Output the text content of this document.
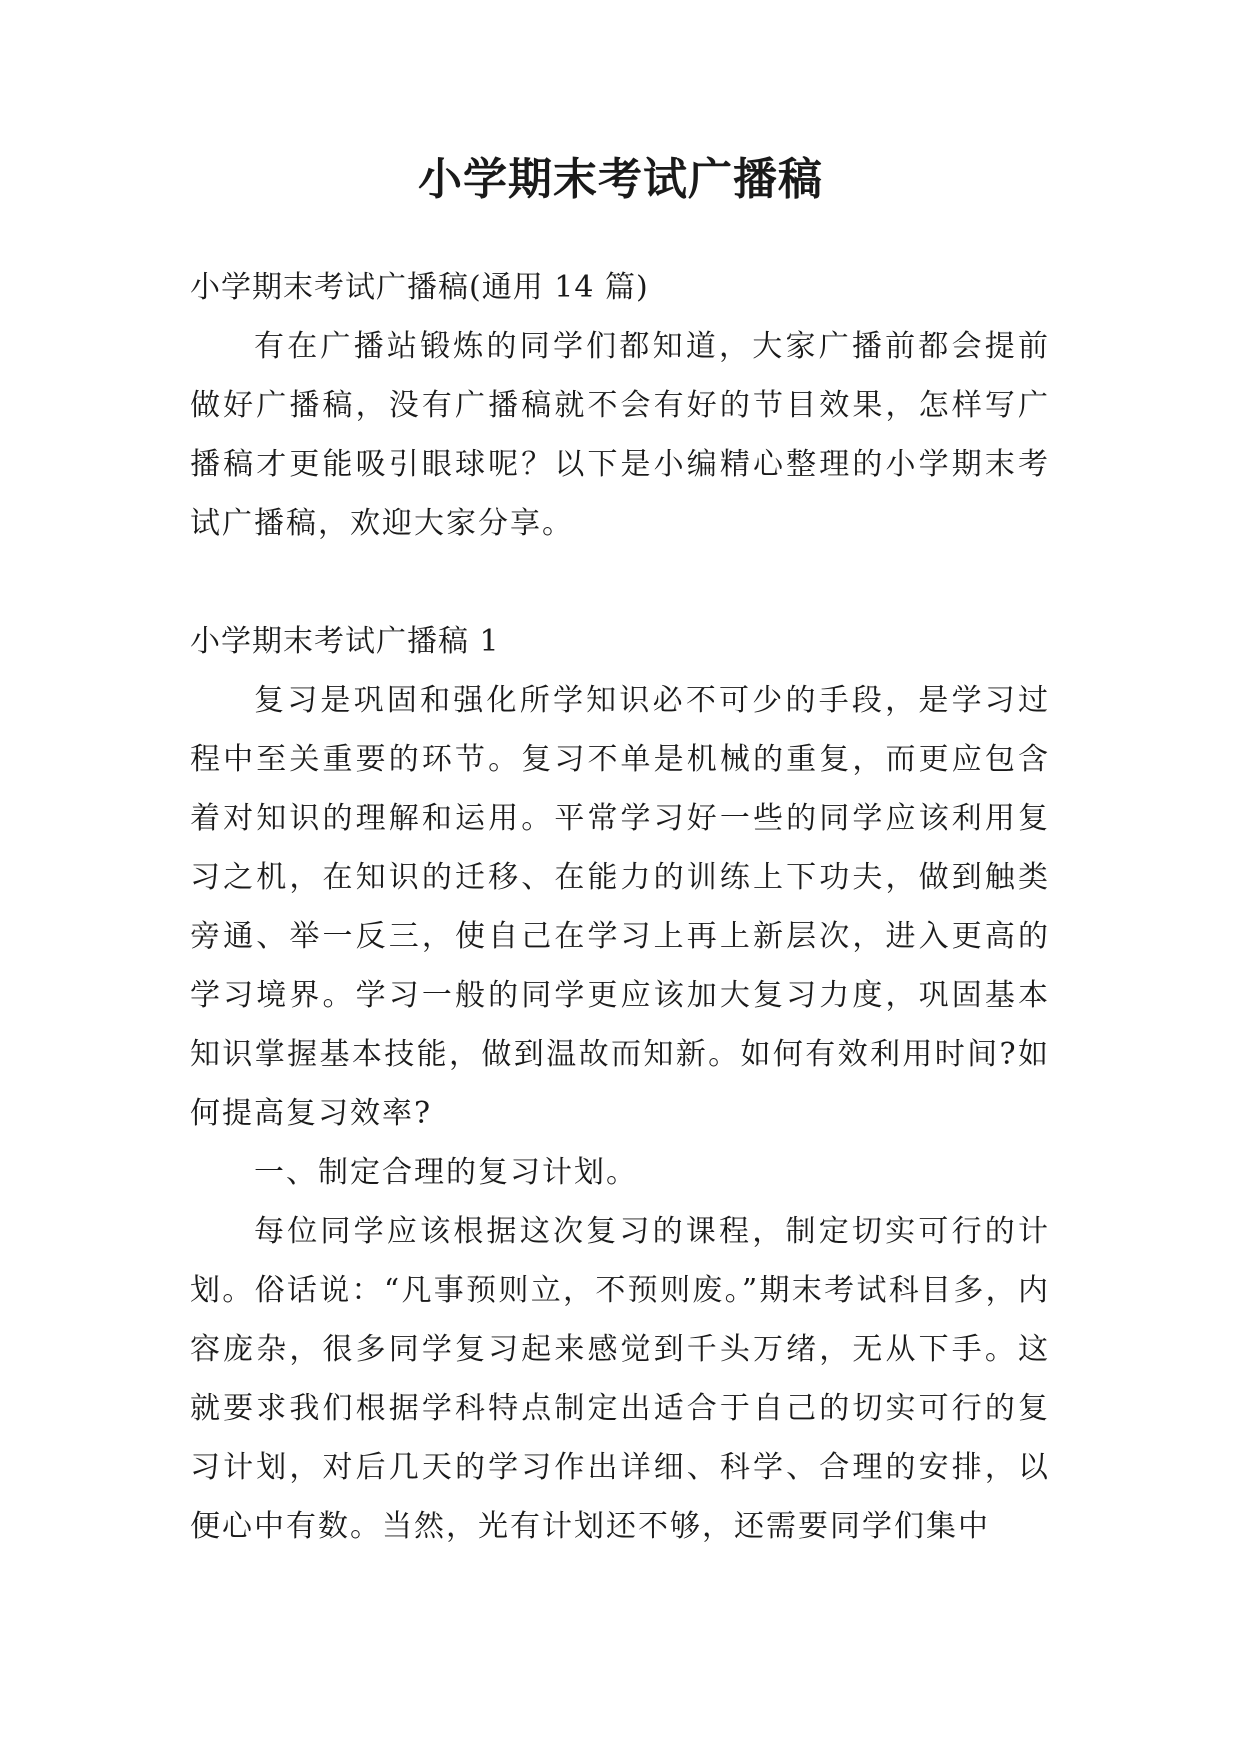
小学期末考试广播稿

小学期末考试广播稿(通用 14 篇)

有在广播站锻炼的同学们都知道，大家广播前都会提前做好广播稿，没有广播稿就不会有好的节目效果，怎样写广播稿才更能吸引眼球呢？以下是小编精心整理的小学期末考试广播稿，欢迎大家分享。

小学期末考试广播稿 1

复习是巩固和强化所学知识必不可少的手段，是学习过程中至关重要的环节。复习不单是机械的重复，而更应包含着对知识的理解和运用。平常学习好一些的同学应该利用复习之机，在知识的迁移、在能力的训练上下功夫，做到触类旁通、举一反三，使自己在学习上再上新层次，进入更高的学习境界。学习一般的同学更应该加大复习力度，巩固基本知识掌握基本技能，做到温故而知新。如何有效利用时间?如何提高复习效率?

一、制定合理的复习计划。

每位同学应该根据这次复习的课程，制定切实可行的计划。俗话说：“凡事预则立，不预则废。”期末考试科目多，内容庞杂，很多同学复习起来感觉到千头万绪，无从下手。这就要求我们根据学科特点制定出适合于自己的切实可行的复习计划，对后几天的学习作出详细、科学、合理的安排，以便心中有数。当然，光有计划还不够，还需要同学们集中
